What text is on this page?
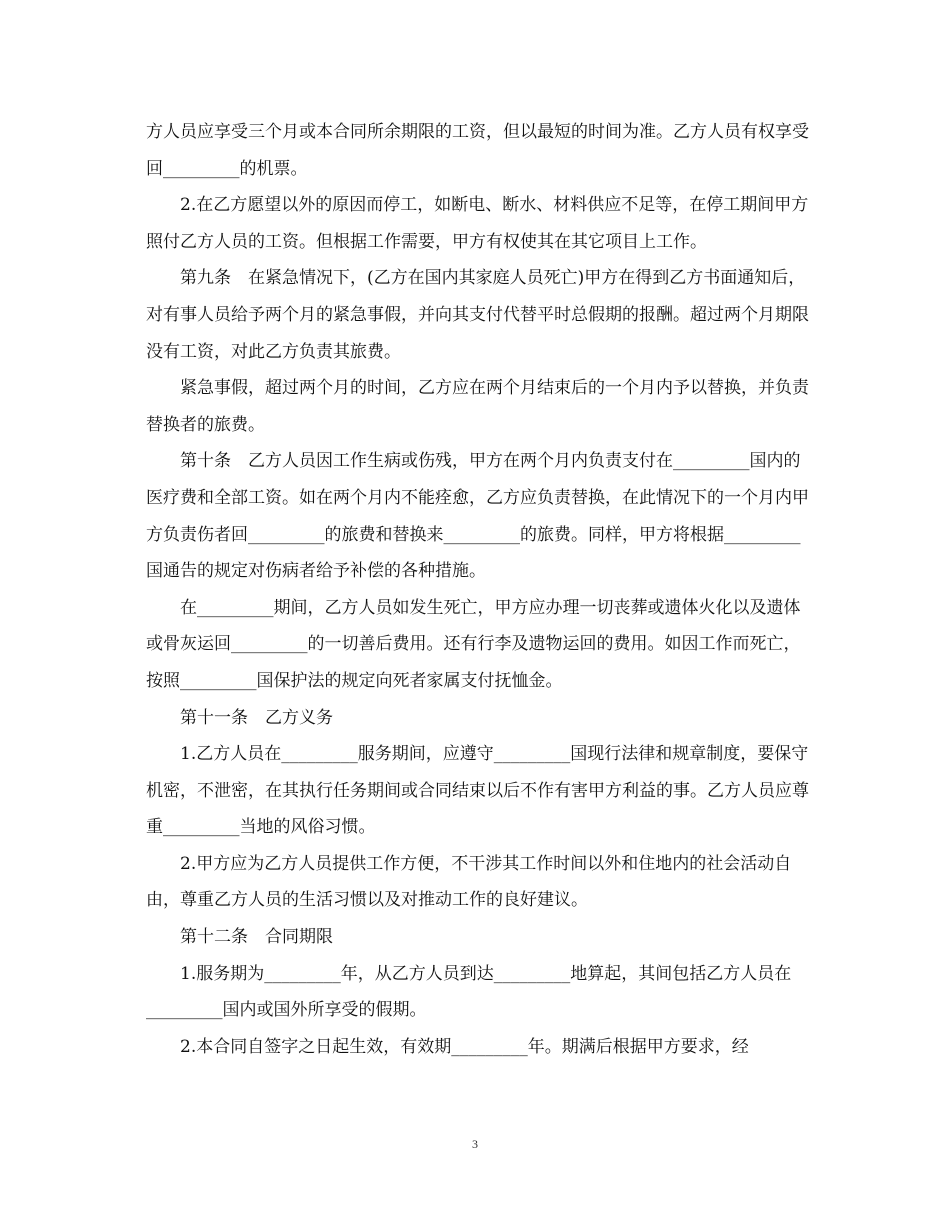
方人员应享受三个月或本合同所余期限的工资，但以最短的时间为准。乙方人员有权享受回_________的机票。

2.在乙方愿望以外的原因而停工，如断电、断水、材料供应不足等，在停工期间甲方照付乙方人员的工资。但根据工作需要，甲方有权使其在其它项目上工作。

第九条　在紧急情况下，(乙方在国内其家庭人员死亡)甲方在得到乙方书面通知后，对有事人员给予两个月的紧急事假，并向其支付代替平时总假期的报酬。超过两个月期限没有工资，对此乙方负责其旅费。

紧急事假，超过两个月的时间，乙方应在两个月结束后的一个月内予以替换，并负责替换者的旅费。

第十条　乙方人员因工作生病或伤残，甲方在两个月内负责支付在_________国内的医疗费和全部工资。如在两个月内不能痊愈，乙方应负责替换，在此情况下的一个月内甲方负责伤者回_________的旅费和替换来_________的旅费。同样，甲方将根据_________国通告的规定对伤病者给予补偿的各种措施。

在_________期间，乙方人员如发生死亡，甲方应办理一切丧葬或遗体火化以及遗体或骨灰运回_________的一切善后费用。还有行李及遗物运回的费用。如因工作而死亡，按照_________国保护法的规定向死者家属支付抚恤金。

第十一条　乙方义务

1.乙方人员在_________服务期间，应遵守_________国现行法律和规章制度，要保守机密，不泄密，在其执行任务期间或合同结束以后不作有害甲方利益的事。乙方人员应尊重_________当地的风俗习惯。

2.甲方应为乙方人员提供工作方便，不干涉其工作时间以外和住地内的社会活动自由，尊重乙方人员的生活习惯以及对推动工作的良好建议。

第十二条　合同期限

1.服务期为_________年，从乙方人员到达_________地算起，其间包括乙方人员在_________国内或国外所享受的假期。

2.本合同自签字之日起生效，有效期_________年。期满后根据甲方要求，经

3
